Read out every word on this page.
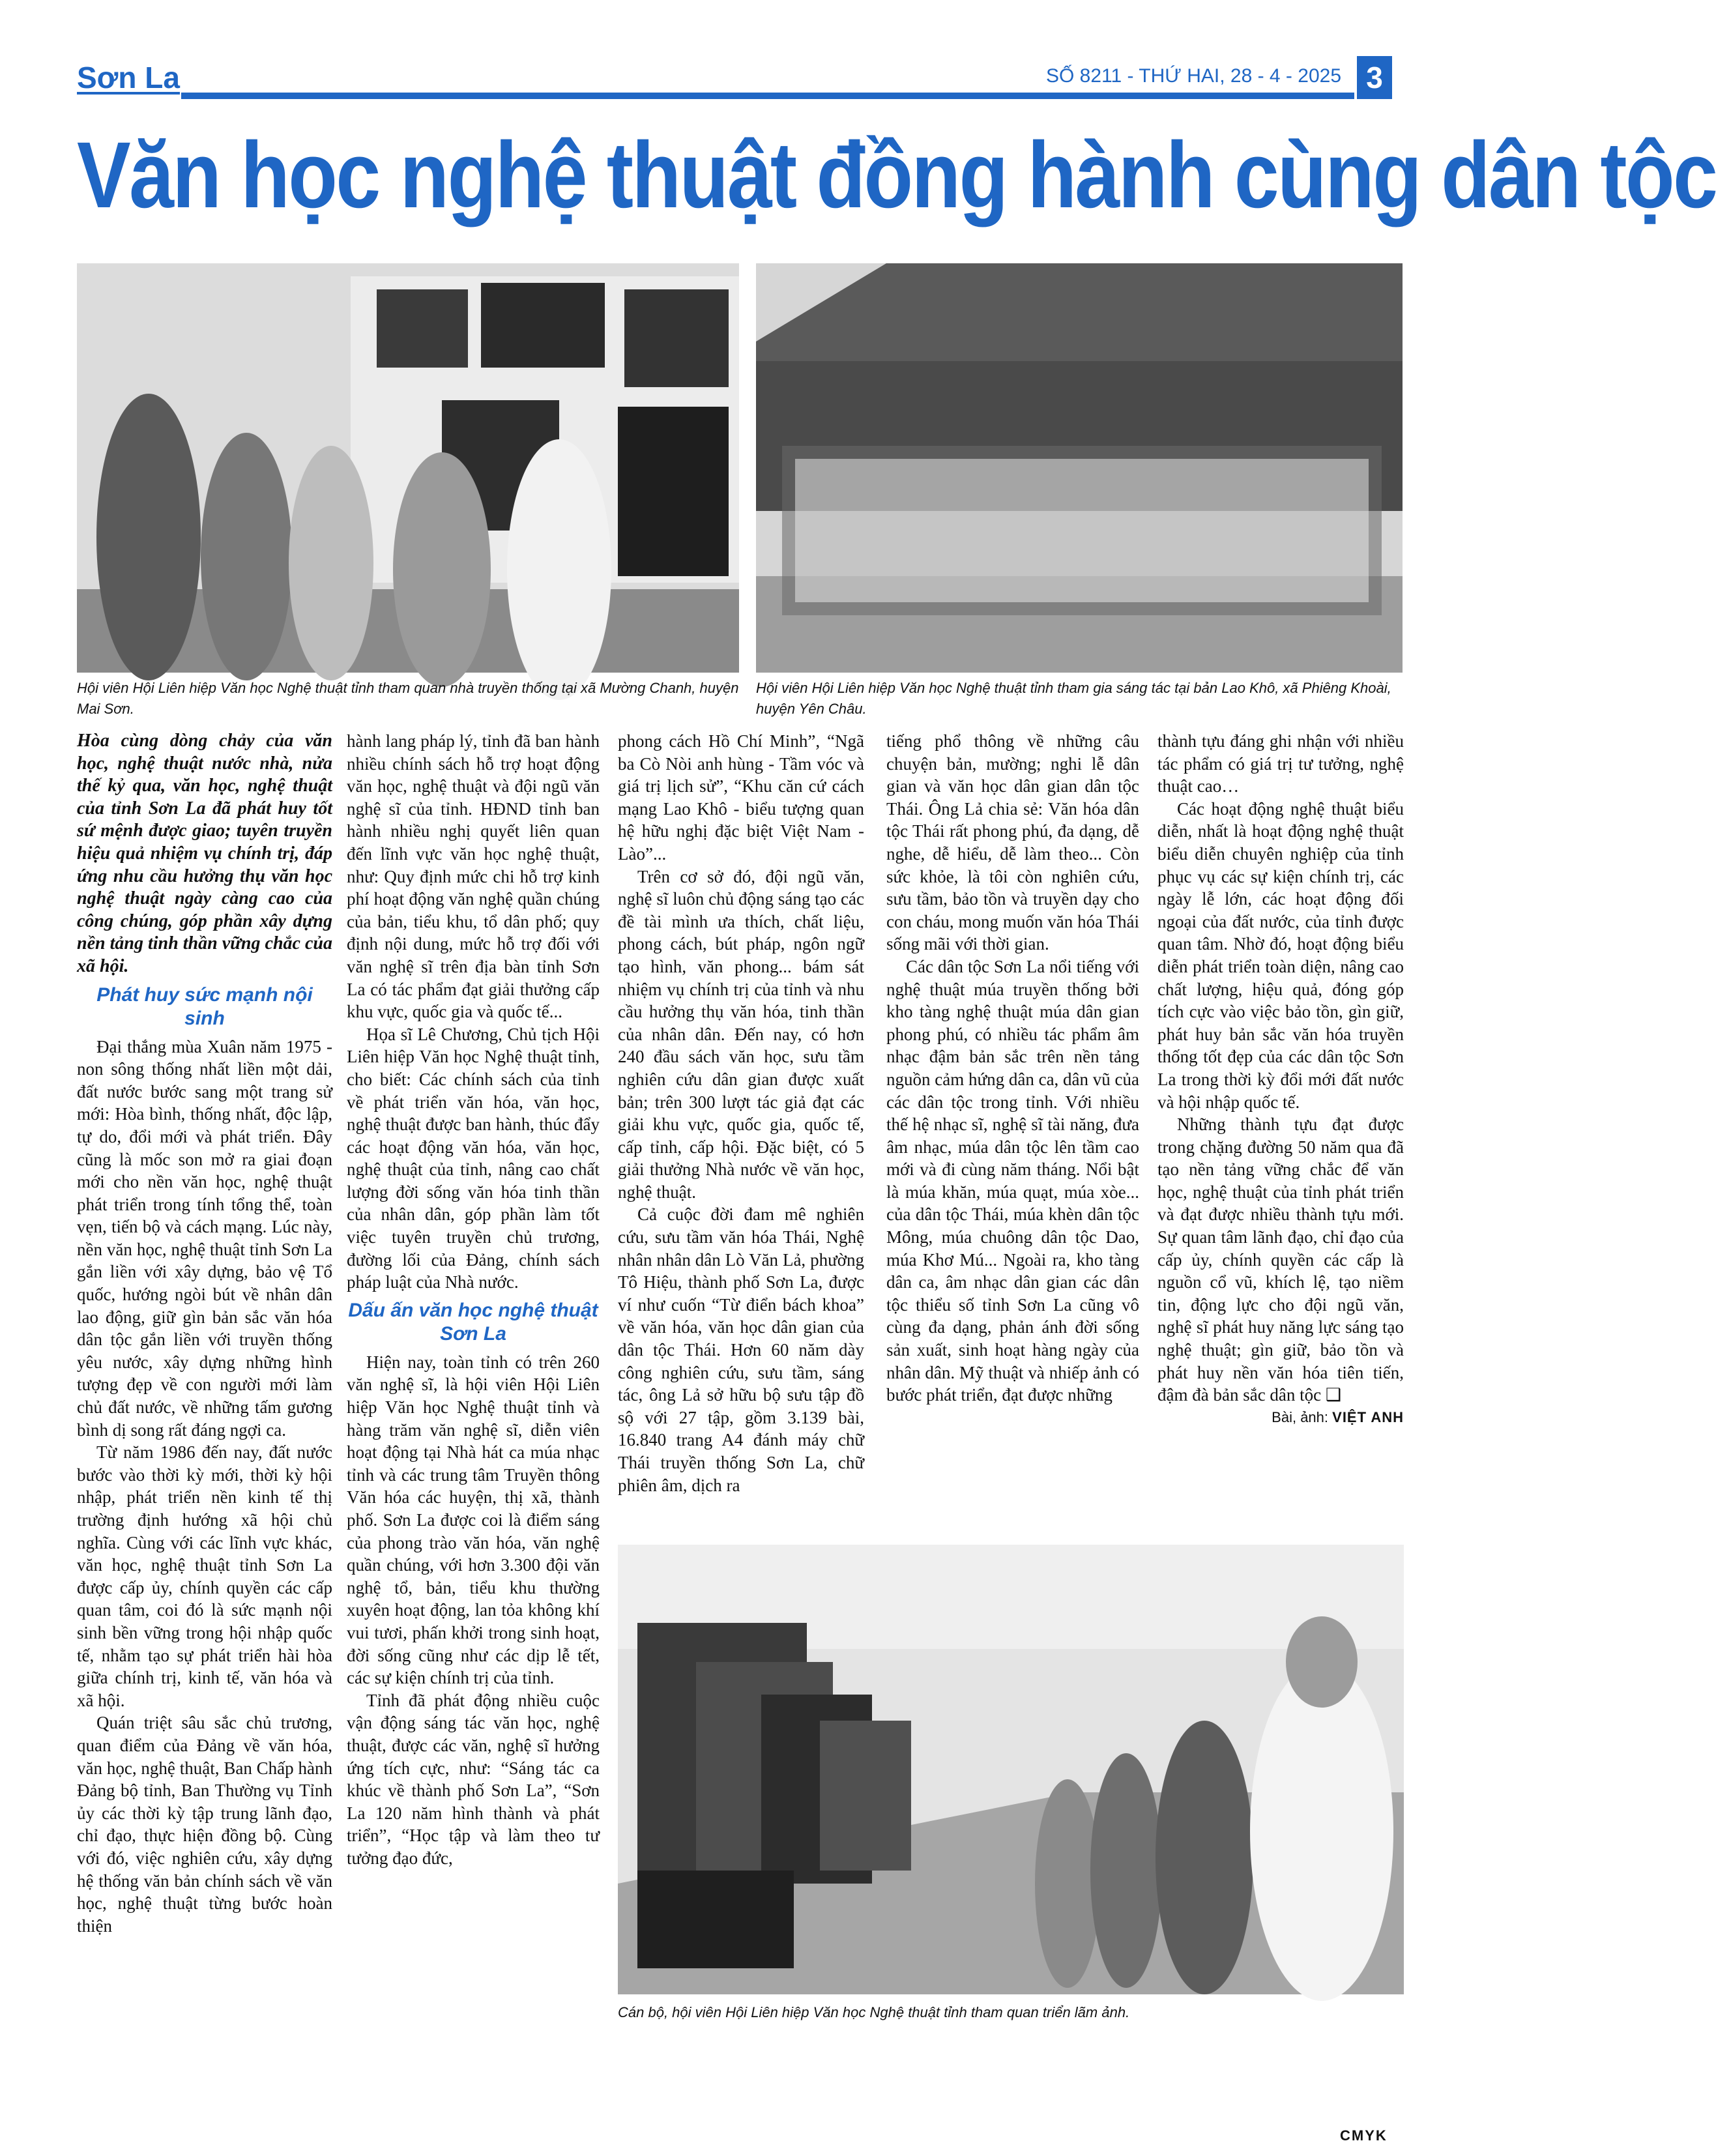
Sơn La	SỐ 8211 - THỨ HAI, 28 - 4 - 2025 3
Văn học nghệ thuật đồng hành cùng dân tộc
Hội viên Hội Liên hiệp Văn học Nghệ thuật tỉnh tham quan nhà truyền thống tại xã Mường Chanh, huyện Mai Sơn.
Hội viên Hội Liên hiệp Văn học Nghệ thuật tỉnh tham gia sáng tác tại bản Lao Khô, xã Phiêng Khoài, huyện Yên Châu.
Hòa cùng dòng chảy của văn học, nghệ thuật nước nhà, nửa thế kỷ qua, văn học, nghệ thuật của tỉnh Sơn La đã phát huy tốt sứ mệnh được giao; tuyên truyền hiệu quả nhiệm vụ chính trị, đáp ứng nhu cầu hưởng thụ văn học nghệ thuật ngày càng cao của công chúng, góp phần xây dựng nền tảng tinh thần vững chắc của xã hội.
Phát huy sức mạnh nội sinh

Đại thắng mùa Xuân năm 1975 - non sông thống nhất liền một dải, đất nước bước sang một trang sử mới: Hòa bình, thống nhất, độc lập, tự do, đổi mới và phát triển. Đây cũng là mốc son mở ra giai đoạn mới cho nền văn học, nghệ thuật phát triển trong tính tổng thể, toàn vẹn, tiến bộ và cách mạng. Lúc này, nền văn học, nghệ thuật tỉnh Sơn La gắn liền với xây dựng, bảo vệ Tổ quốc, hướng ngòi bút về nhân dân lao động, giữ gìn bản sắc văn hóa dân tộc gắn liền với truyền thống yêu nước, xây dựng những hình tượng đẹp về con người mới làm chủ đất nước, về những tấm gương bình dị song rất đáng ngợi ca.

Từ năm 1986 đến nay, đất nước bước vào thời kỳ mới, thời kỳ hội nhập, phát triển nền kinh tế thị trường định hướng xã hội chủ nghĩa. Cùng với các lĩnh vực khác, văn học, nghệ thuật tỉnh Sơn La được cấp ủy, chính quyền các cấp quan tâm, coi đó là sức mạnh nội sinh bền vững trong hội nhập quốc tế, nhằm tạo sự phát triển hài hòa giữa chính trị, kinh tế, văn hóa và xã hội.

Quán triệt sâu sắc chủ trương, quan điểm của Đảng về văn hóa, văn học, nghệ thuật, Ban Chấp hành Đảng bộ tỉnh, Ban Thường vụ Tỉnh ủy các thời kỳ tập trung lãnh đạo, chỉ đạo, thực hiện đồng bộ. Cùng với đó, việc nghiên cứu, xây dựng hệ thống văn bản chính sách về văn học, nghệ thuật từng bước hoàn thiện

hành lang pháp lý, tỉnh đã ban hành nhiều chính sách hỗ trợ hoạt động văn học, nghệ thuật và đội ngũ văn nghệ sĩ của tỉnh. HĐND tỉnh ban hành nhiều nghị quyết liên quan đến lĩnh vực văn học nghệ thuật, như: Quy định mức chi hỗ trợ kinh phí hoạt động văn nghệ quần chúng của bản, tiểu khu, tổ dân phố; quy định nội dung, mức hỗ trợ đối với văn nghệ sĩ trên địa bàn tỉnh Sơn La có tác phẩm đạt giải thưởng cấp khu vực, quốc gia và quốc tế...

Họa sĩ Lê Chương, Chủ tịch Hội Liên hiệp Văn học Nghệ thuật tỉnh, cho biết: Các chính sách của tỉnh về phát triển văn hóa, văn học, nghệ thuật được ban hành, thúc đẩy các hoạt động văn hóa, văn học, nghệ thuật của tỉnh, nâng cao chất lượng đời sống văn hóa tinh thần của nhân dân, góp phần làm tốt việc tuyên truyền chủ trương, đường lối của Đảng, chính sách pháp luật của Nhà nước.

Dấu ấn văn học nghệ thuật Sơn La

Hiện nay, toàn tỉnh có trên 260 văn nghệ sĩ, là hội viên Hội Liên hiệp Văn học Nghệ thuật tỉnh và hàng trăm văn nghệ sĩ, diễn viên hoạt động tại Nhà hát ca múa nhạc tỉnh và các trung tâm Truyền thông Văn hóa các huyện, thị xã, thành phố. Sơn La được coi là điểm sáng của phong trào văn hóa, văn nghệ quần chúng, với hơn 3.300 đội văn nghệ tổ, bản, tiểu khu thường xuyên hoạt động, lan tỏa không khí vui tươi, phấn khởi trong sinh hoạt, đời sống cũng như các dịp lễ tết, các sự kiện chính trị của tỉnh.

Tỉnh đã phát động nhiều cuộc vận động sáng tác văn học, nghệ thuật, được các văn, nghệ sĩ hưởng ứng tích cực, như: “Sáng tác ca khúc về thành phố Sơn La”, “Sơn La 120 năm hình thành và phát triển”, “Học tập và làm theo tư tưởng đạo đức,

phong cách Hồ Chí Minh”, “Ngã ba Cò Nòi anh hùng - Tầm vóc và giá trị lịch sử”, “Khu căn cứ cách mạng Lao Khô - biểu tượng quan hệ hữu nghị đặc biệt Việt Nam - Lào”...

Trên cơ sở đó, đội ngũ văn, nghệ sĩ luôn chủ động sáng tạo các đề tài mình ưa thích, chất liệu, phong cách, bút pháp, ngôn ngữ tạo hình, văn phong... bám sát nhiệm vụ chính trị của tỉnh và nhu cầu hưởng thụ văn hóa, tinh thần của nhân dân. Đến nay, có hơn 240 đầu sách văn học, sưu tầm nghiên cứu dân gian được xuất bản; trên 300 lượt tác giả đạt các giải khu vực, quốc gia, quốc tế, cấp tỉnh, cấp hội. Đặc biệt, có 5 giải thưởng Nhà nước về văn học, nghệ thuật.

Cả cuộc đời đam mê nghiên cứu, sưu tầm văn hóa Thái, Nghệ nhân nhân dân Lò Văn Lả, phường Tô Hiệu, thành phố Sơn La, được ví như cuốn “Từ điển bách khoa” về văn hóa, văn học dân gian của dân tộc Thái. Hơn 60 năm dày công nghiên cứu, sưu tầm, sáng tác, ông Lả sở hữu bộ sưu tập đồ sộ với 27 tập, gồm 3.139 bài, 16.840 trang A4 đánh máy chữ Thái truyền thống Sơn La, chữ phiên âm, dịch ra

tiếng phổ thông về những câu chuyện bản, mường; nghi lễ dân gian và văn học dân gian dân tộc Thái. Ông Lả chia sẻ: Văn hóa dân tộc Thái rất phong phú, đa dạng, dễ nghe, dễ hiểu, dễ làm theo... Còn sức khỏe, là tôi còn nghiên cứu, sưu tầm, bảo tồn và truyền dạy cho con cháu, mong muốn văn hóa Thái sống mãi với thời gian.

Các dân tộc Sơn La nổi tiếng với nghệ thuật múa truyền thống bởi kho tàng nghệ thuật múa dân gian phong phú, có nhiều tác phẩm âm nhạc đậm bản sắc trên nền tảng nguồn cảm hứng dân ca, dân vũ của các dân tộc trong tỉnh. Với nhiều thế hệ nhạc sĩ, nghệ sĩ tài năng, đưa âm nhạc, múa dân tộc lên tầm cao mới và đi cùng năm tháng. Nổi bật là múa khăn, múa quạt, múa xòe... của dân tộc Thái, múa khèn dân tộc Mông, múa chuông dân tộc Dao, múa Khơ Mú... Ngoài ra, kho tàng dân ca, âm nhạc dân gian các dân tộc thiểu số tỉnh Sơn La cũng vô cùng đa dạng, phản ánh đời sống sản xuất, sinh hoạt hàng ngày của nhân dân. Mỹ thuật và nhiếp ảnh có bước phát triển, đạt được những

thành tựu đáng ghi nhận với nhiều tác phẩm có giá trị tư tưởng, nghệ thuật cao…

Các hoạt động nghệ thuật biểu diễn, nhất là hoạt động nghệ thuật biểu diễn chuyên nghiệp của tỉnh phục vụ các sự kiện chính trị, các ngày lễ lớn, các hoạt động đối ngoại của đất nước, của tỉnh được quan tâm. Nhờ đó, hoạt động biểu diễn phát triển toàn diện, nâng cao chất lượng, hiệu quả, đóng góp tích cực vào việc bảo tồn, gìn giữ, phát huy bản sắc văn hóa truyền thống tốt đẹp của các dân tộc Sơn La trong thời kỳ đổi mới đất nước và hội nhập quốc tế.

Những thành tựu đạt được trong chặng đường 50 năm qua đã tạo nền tảng vững chắc để văn học, nghệ thuật của tỉnh phát triển và đạt được nhiều thành tựu mới. Sự quan tâm lãnh đạo, chỉ đạo của cấp ủy, chính quyền các cấp là nguồn cổ vũ, khích lệ, tạo niềm tin, động lực cho đội ngũ văn, nghệ sĩ phát huy năng lực sáng tạo nghệ thuật; gìn giữ, bảo tồn và phát huy nền văn hóa tiên tiến, đậm đà bản sắc dân tộc ❑

Bài, ảnh: VIỆT ANH
Cán bộ, hội viên Hội Liên hiệp Văn học Nghệ thuật tỉnh tham quan triển lãm ảnh.
CMYK
